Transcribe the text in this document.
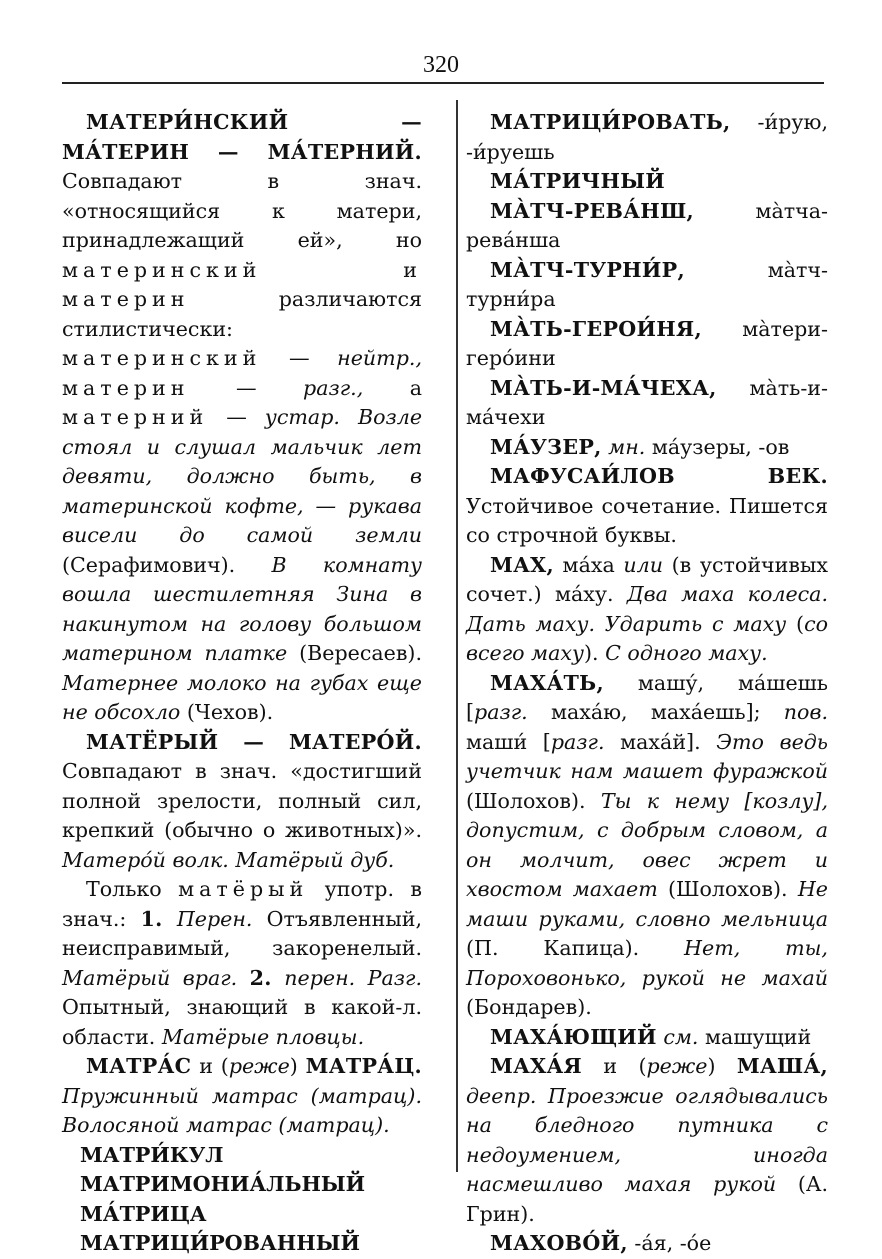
320

МАТЕРИ́НСКИЙ — МА́ТЕРИН — МА́ТЕРНИЙ. Совпадают в знач. «относящийся к матери, принадлежащий ей», но материнский и материн различаются стилистически: материнский — нейтр., материн — разг., а матерний — устар. Возле стоял и слушал мальчик лет девяти, должно быть, в материнской кофте, — рукава висели до самой земли (Серафимович). В комнату вошла шестилетняя Зина в накинутом на голову большом материном платке (Вересаев). Матернее молоко на губах еще не обсохло (Чехов).

МАТЁРЫЙ — МАТЕРО́Й. Совпадают в знач. «достигший полной зрелости, полный сил, крепкий (обычно о животных)». Матеро́й волк. Матёрый дуб.

Только матёрый употр. в знач.: 1. Перен. Отъявленный, неисправимый, закоренелый. Матёрый враг. 2. перен. Разг. Опытный, знающий в какой-л. области. Матёрые пловцы.

МАТРА́С и (реже) МАТРА́Ц. Пружинный матрас (матрац). Волосяной матрас (матрац).

МАТРИ́КУЛ

МАТРИМОНИА́ЛЬНЫЙ

МА́ТРИЦА

МАТРИЦИ́РОВАННЫЙ

МАТРИЦИ́РОВАТЬ, -и́рую, -и́руешь

МА́ТРИЧНЫЙ

МА̀ТЧ-РЕВА́НШ, ма̀тча-рева́нша

МА̀ТЧ-ТУРНИ́Р, ма̀тч-турни́ра

МА̀ТЬ-ГЕРОИ́НЯ, ма̀тери-геро́ини

МА̀ТЬ-И-МА́ЧЕХА, ма̀ть-и-ма́чехи

МА́УЗЕР, мн. ма́узеры, -ов

МАФУСАИ́ЛОВ ВЕК. Устойчивое сочетание. Пишется со строчной буквы.

МАХ, ма́ха или (в устойчивых сочет.) ма́ху. Два маха колеса. Дать маху. Ударить с маху (со всего маху). С одного маху.

МАХА́ТЬ, машу́, ма́шешь [разг. маха́ю, маха́ешь]; пов. маши́ [разг. маха́й]. Это ведь учетчик нам машет фуражкой (Шолохов). Ты к нему [козлу], допустим, с добрым словом, а он молчит, овес жрет и хвостом махает (Шолохов). Не маши руками, словно мельница (П. Капица). Нет, ты, Пороховонько, рукой не махай (Бондарев).

МАХА́ЮЩИЙ см. машущий

МАХА́Я и (реже) МАША́, деепр. Проезжие оглядывались на бледного путника с недоумением, иногда насмешливо махая рукой (А. Грин).

МАХОВО́Й, -а́я, -о́е
